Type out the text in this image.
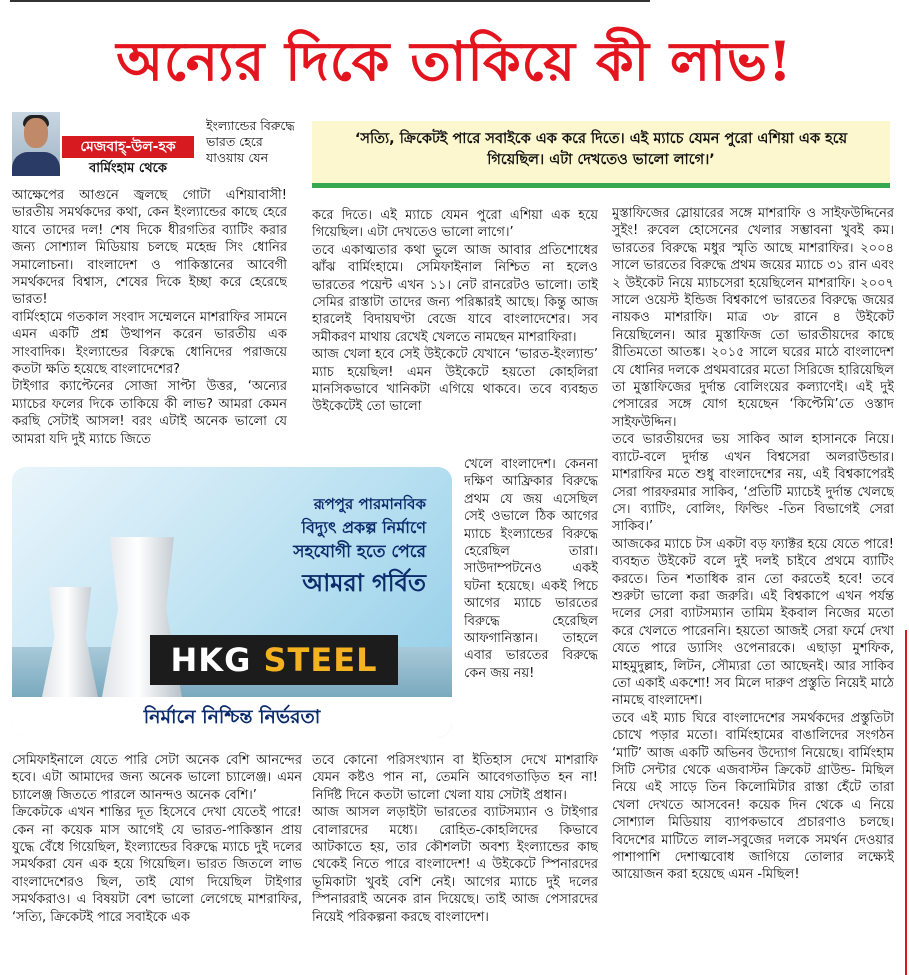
অন্যের দিকে তাকিয়ে কী লাভ!
মেজবাহ্-উল-হক
বার্মিংহাম থেকে
ইংল্যান্ডের বিরুদ্ধে ভারত হেরে যাওয়ায় যেন
‘সত্যি, ক্রিকেটই পারে সবাইকে এক করে দিতে। এই ম্যাচে যেমন পুরো এশিয়া এক হয়ে গিয়েছিল। এটা দেখতেও ভালো লাগে।’

আক্ষেপের আগুনে জ্বলছে গোটা এশিয়াবাসী! ভারতীয় সমর্থকদের কথা, কেন ইংল্যান্ডের কাছে হেরে যাবে তাদের দল! শেষ দিকে ধীরগতির ব্যাটিং করার জন্য সোশ্যাল মিডিয়ায় চলছে মহেন্দ্র সিং ধোনির সমালোচনা। বাংলাদেশ ও পাকিস্তানের আবেগী সমর্থকদের বিশ্বাস, শেষের দিকে ইচ্ছা করে হেরেছে ভারত!

বার্মিংহামে গতকাল সংবাদ সম্মেলনে মাশরাফির সামনে এমন একটি প্রশ্ন উত্থাপন করেন ভারতীয় এক সাংবাদিক। ইংল্যান্ডের বিরুদ্ধে ধোনিদের পরাজয়ে কতটা ক্ষতি হয়েছে বাংলাদেশের?

টাইগার ক্যাপ্টেনের সোজা সাপ্টা উত্তর, ‘অন্যের ম্যাচের ফলের দিকে তাকিয়ে কী লাভ? আমরা কেমন করছি সেটাই আসল! বরং এটাই অনেক ভালো যে আমরা যদি দুই ম্যাচে জিতে

রূপপুর পারমানবিক
বিদ্যুৎ প্রকল্প নির্মাণে
সহযোগী হতে পেরে
আমরা গর্বিত
HKG STEEL
নির্মানে নিশ্চিন্ত নির্ভরতা

সেমিফাইনালে যেতে পারি সেটা অনেক বেশি আনন্দের হবে। এটা আমাদের জন্য অনেক ভালো চ্যালেঞ্জ। এমন চ্যালেঞ্জ জিততে পারলে আনন্দও অনেক বেশি।’

ক্রিকেটকে এখন শান্তির দূত হিসেবে দেখা যেতেই পারে! কেন না কয়েক মাস আগেই যে ভারত-পাকিস্তান প্রায় যুদ্ধে বেঁধে গিয়েছিল, ইংল্যান্ডের বিরুদ্ধে ম্যাচে দুই দলের সমর্থকরা যেন এক হয়ে গিয়েছিল। ভারত জিতলে লাভ বাংলাদেশেরও ছিল, তাই যোগ দিয়েছিল টাইগার সমর্থকরাও। এ বিষয়টা বেশ ভালো লেগেছে মাশরাফির, ‘সত্যি, ক্রিকেটই পারে সবাইকে এক

করে দিতে। এই ম্যাচে যেমন পুরো এশিয়া এক হয়ে গিয়েছিল। এটা দেখতেও ভালো লাগে।’

তবে একাত্মতার কথা ভুলে আজ আবার প্রতিশোধের ঝাঁঝ বার্মিংহামে। সেমিফাইনাল নিশ্চিত না হলেও ভারতের পয়েন্ট এখন ১১। নেট রানরেটও ভালো। তাই সেমির রাস্তাটা তাদের জন্য পরিষ্কারই আছে। কিন্তু আজ হারলেই বিদায়ঘণ্টা বেজে যাবে বাংলাদেশের। সব সমীকরণ মাথায় রেখেই খেলতে নামছেন মাশরাফিরা।

আজ খেলা হবে সেই উইকেটে যেখানে ‘ভারত-ইংল্যান্ড’ ম্যাচ হয়েছিল! এমন উইকেটে হয়তো কোহলিরা মানসিকভাবে খানিকটা এগিয়ে থাকবে। তবে ব্যবহৃত উইকেটেই তো ভালো

খেলে বাংলাদেশ। কেননা দক্ষিণ আফ্রিকার বিরুদ্ধে প্রথম যে জয় এসেছিল সেই ওভালে ঠিক আগের ম্যাচে ইংল্যান্ডের বিরুদ্ধে হেরেছিল তারা। সাউদাম্পটনেও একই ঘটনা হয়েছে। একই পিচে আগের ম্যাচে ভারতের বিরুদ্ধে হেরেছিল আফগানিস্তান। তাহলে এবার ভারতের বিরুদ্ধে কেন জয় নয়!

তবে কোনো পরিসংখ্যান বা ইতিহাস দেখে মাশরাফি যেমন কষ্টও পান না, তেমনি আবেগতাড়িত হন না! নির্দিষ্ট দিনে কতটা ভালো খেলা যায় সেটাই প্রধান।

আজ আসল লড়াইটা ভারতের ব্যাটসম্যান ও টাইগার বোলারদের মধ্যে। রোহিত-কোহলিদের কিভাবে আটকাতে হয়, তার কৌশলটা অবশ্য ইংল্যান্ডের কাছ থেকেই নিতে পারে বাংলাদেশ! এ উইকেটে স্পিনারদের ভূমিকাটা খুবই বেশি নেই। আগের ম্যাচে দুই দলের স্পিনাররাই অনেক রান দিয়েছে। তাই আজ পেসারদের নিয়েই পরিকল্পনা করছে বাংলাদেশ।

মুস্তাফিজের স্লোয়ারের সঙ্গে মাশরাফি ও সাইফউদ্দিনের সুইং! রুবেল হোসেনের খেলার সম্ভাবনা খুবই কম। ভারতের বিরুদ্ধে মধুর স্মৃতি আছে মাশরাফির। ২০০৪ সালে ভারতের বিরুদ্ধে প্রথম জয়ের ম্যাচে ৩১ রান এবং ২ উইকেট নিয়ে ম্যাচসেরা হয়েছিলেন মাশরাফি। ২০০৭ সালে ওয়েস্ট ইন্ডিজ বিশ্বকাপে ভারতের বিরুদ্ধে জয়ের নায়কও মাশরাফি। মাত্র ৩৮ রানে ৪ উইকেট নিয়েছিলেন। আর মুস্তাফিজ তো ভারতীয়দের কাছে রীতিমতো আতঙ্ক। ২০১৫ সালে ঘরের মাঠে বাংলাদেশ যে ধোনির দলকে প্রথমবারের মতো সিরিজে হারিয়েছিল তা মুস্তাফিজের দুর্দান্ত বোলিংয়ের কল্যাণেই। এই দুই পেসারের সঙ্গে যোগ হয়েছেন ‘কিপ্টেমি’তে ওস্তাদ সাইফউদ্দিন।

তবে ভারতীয়দের ভয় সাকিব আল হাসানকে নিয়ে। ব্যাটে-বলে দুর্দান্ত এখন বিশ্বসেরা অলরাউন্ডার। মাশরাফির মতে শুধু বাংলাদেশের নয়, এই বিশ্বকাপেরই সেরা পারফরমার সাকিব, ‘প্রতিটি ম্যাচেই দুর্দান্ত খেলছে সে। ব্যাটিং, বোলিং, ফিল্ডিং -তিন বিভাগেই সেরা সাকিব।’

আজকের ম্যাচে টস একটা বড় ফ্যাক্টর হয়ে যেতে পারে! ব্যবহৃত উইকেট বলে দুই দলই চাইবে প্রথমে ব্যাটিং করতে। তিন শতাধিক রান তো করতেই হবে! তবে শুরুটা ভালো করা জরুরি। এই বিশ্বকাপে এখন পর্যন্ত দলের সেরা ব্যাটসম্যান তামিম ইকবাল নিজের মতো করে খেলতে পারেননি। হয়তো আজই সেরা ফর্মে দেখা যেতে পারে ড্যাসিং ওপেনারকে। এছাড়া মুশফিক, মাহমুদুল্লাহ, লিটন, সৌম্যরা তো আছেনই। আর সাকিব তো একাই একশো! সব মিলে দারুণ প্রস্তুতি নিয়েই মাঠে নামছে বাংলাদেশ।

তবে এই ম্যাচ ঘিরে বাংলাদেশের সমর্থকদের প্রস্তুতিটা চোখে পড়ার মতো। বার্মিংহামের বাঙালিদের সংগঠন ‘মাটি’ আজ একটি অভিনব উদ্যোগ নিয়েছে। বার্মিংহাম সিটি সেন্টার থেকে এজবাস্টন ক্রিকেট গ্রাউন্ড- মিছিল নিয়ে এই সাড়ে তিন কিলোমিটার রাস্তা হেঁটে তারা খেলা দেখতে আসবেন! কয়েক দিন থেকে এ নিয়ে সোশ্যাল মিডিয়ায় ব্যাপকভাবে প্রচারণাও চলছে। বিদেশের মাটিতে লাল-সবুজের দলকে সমর্থন দেওয়ার পাশাপাশি দেশাত্মবোধ জাগিয়ে তোলার লক্ষ্যেই আয়োজন করা হয়েছে এমন -মিছিল!
